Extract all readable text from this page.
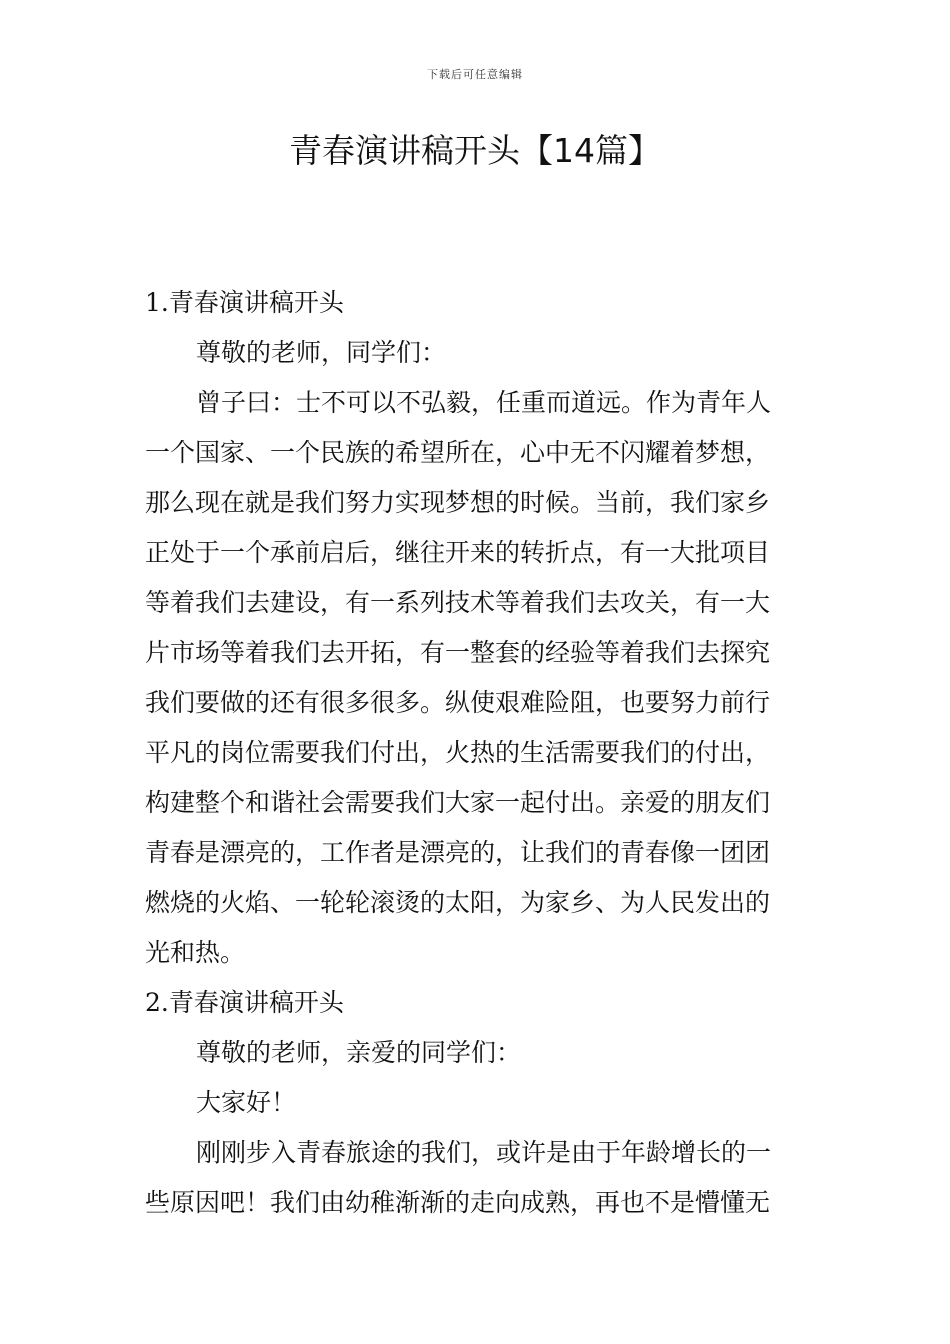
下载后可任意编辑
青春演讲稿开头【14篇】
1.青春演讲稿开头
尊敬的老师，同学们：
曾子曰：士不可以不弘毅，任重而道远。作为青年人
一个国家、一个民族的希望所在，心中无不闪耀着梦想，
那么现在就是我们努力实现梦想的时候。当前，我们家乡
正处于一个承前启后，继往开来的转折点，有一大批项目
等着我们去建设，有一系列技术等着我们去攻关，有一大
片市场等着我们去开拓，有一整套的经验等着我们去探究
我们要做的还有很多很多。纵使艰难险阻，也要努力前行
平凡的岗位需要我们付出，火热的生活需要我们的付出，
构建整个和谐社会需要我们大家一起付出。亲爱的朋友们
青春是漂亮的，工作者是漂亮的，让我们的青春像一团团
燃烧的火焰、一轮轮滚烫的太阳，为家乡、为人民发出的
光和热。
2.青春演讲稿开头
尊敬的老师，亲爱的同学们：
大家好！
刚刚步入青春旅途的我们，或许是由于年龄增长的一
些原因吧！我们由幼稚渐渐的走向成熟，再也不是懵懂无
